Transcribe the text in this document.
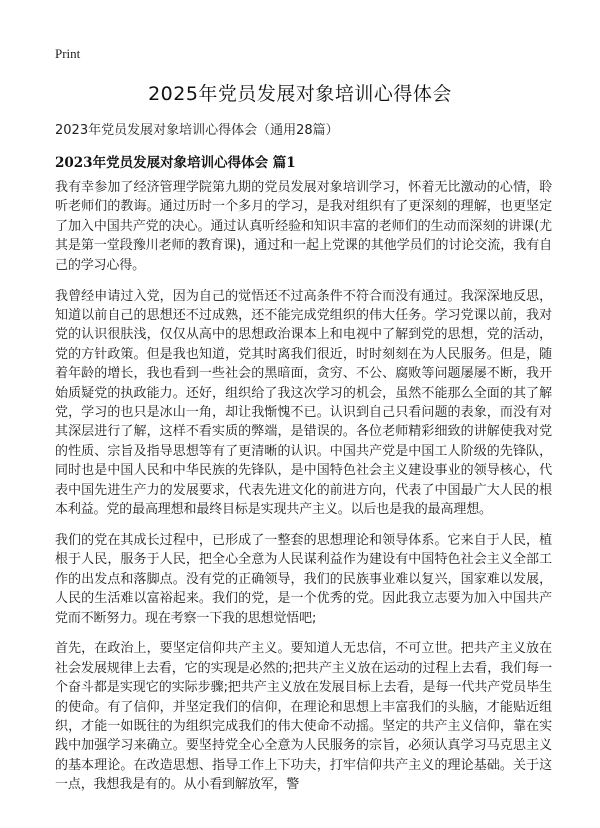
Print
2025年党员发展对象培训心得体会
2023年党员发展对象培训心得体会（通用28篇）
2023年党员发展对象培训心得体会 篇1

我有幸参加了经济管理学院第九期的党员发展对象培训学习，怀着无比激动的心情，聆听老师们的教诲。通过历时一个多月的学习，是我对组织有了更深刻的理解，也更坚定了加入中国共产党的决心。通过认真听经验和知识丰富的老师们的生动而深刻的讲课(尤其是第一堂段豫川老师的教育课)，通过和一起上党课的其他学员们的讨论交流，我有自己的学习心得。

我曾经申请过入党，因为自己的觉悟还不过高条件不符合而没有通过。我深深地反思，知道以前自己的思想还不过成熟，还不能完成党组织的伟大任务。学习党课以前，我对党的认识很肤浅，仅仅从高中的思想政治课本上和电视中了解到党的思想，党的活动，党的方针政策。但是我也知道，党其时离我们很近，时时刻刻在为人民服务。但是，随着年龄的增长，我也看到一些社会的黑暗面，贪穷、不公、腐败等问题屡屡不断，我开始质疑党的执政能力。还好，组织给了我这次学习的机会，虽然不能那么全面的其了解党，学习的也只是冰山一角，却让我惭愧不已。认识到自己只看问题的表象，而没有对其深层进行了解，这样不看实质的弊端，是错误的。各位老师精彩细致的讲解使我对党的性质、宗旨及指导思想等有了更清晰的认识。中国共产党是中国工人阶级的先锋队，同时也是中国人民和中华民族的先锋队，是中国特色社会主义建设事业的领导核心，代表中国先进生产力的发展要求，代表先进文化的前进方向，代表了中国最广大人民的根本利益。党的最高理想和最终目标是实现共产主义。以后也是我的最高理想。

我们的党在其成长过程中，已形成了一整套的思想理论和领导体系。它来自于人民，植根于人民，服务于人民，把全心全意为人民谋利益作为建设有中国特色社会主义全部工作的出发点和落脚点。没有党的正确领导，我们的民族事业难以复兴，国家难以发展，人民的生活难以富裕起来。我们的党，是一个优秀的党。因此我立志要为加入中国共产党而不断努力。现在考察一下我的思想觉悟吧;

首先，在政治上，要坚定信仰共产主义。要知道人无忠信，不可立世。把共产主义放在社会发展规律上去看，它的实现是必然的;把共产主义放在运动的过程上去看，我们每一个奋斗都是实现它的实际步骤;把共产主义放在发展目标上去看，是每一代共产党员毕生的使命。有了信仰，并坚定我们的信仰，在理论和思想上丰富我们的头脑，才能贴近组织，才能一如既往的为组织完成我们的伟大使命不动摇。坚定的共产主义信仰，靠在实践中加强学习来确立。要坚持党全心全意为人民服务的宗旨，必须认真学习马克思主义的基本理论。在改造思想、指导工作上下功夫，打牢信仰共产主义的理论基础。关于这一点，我想我是有的。从小看到解放军，警
